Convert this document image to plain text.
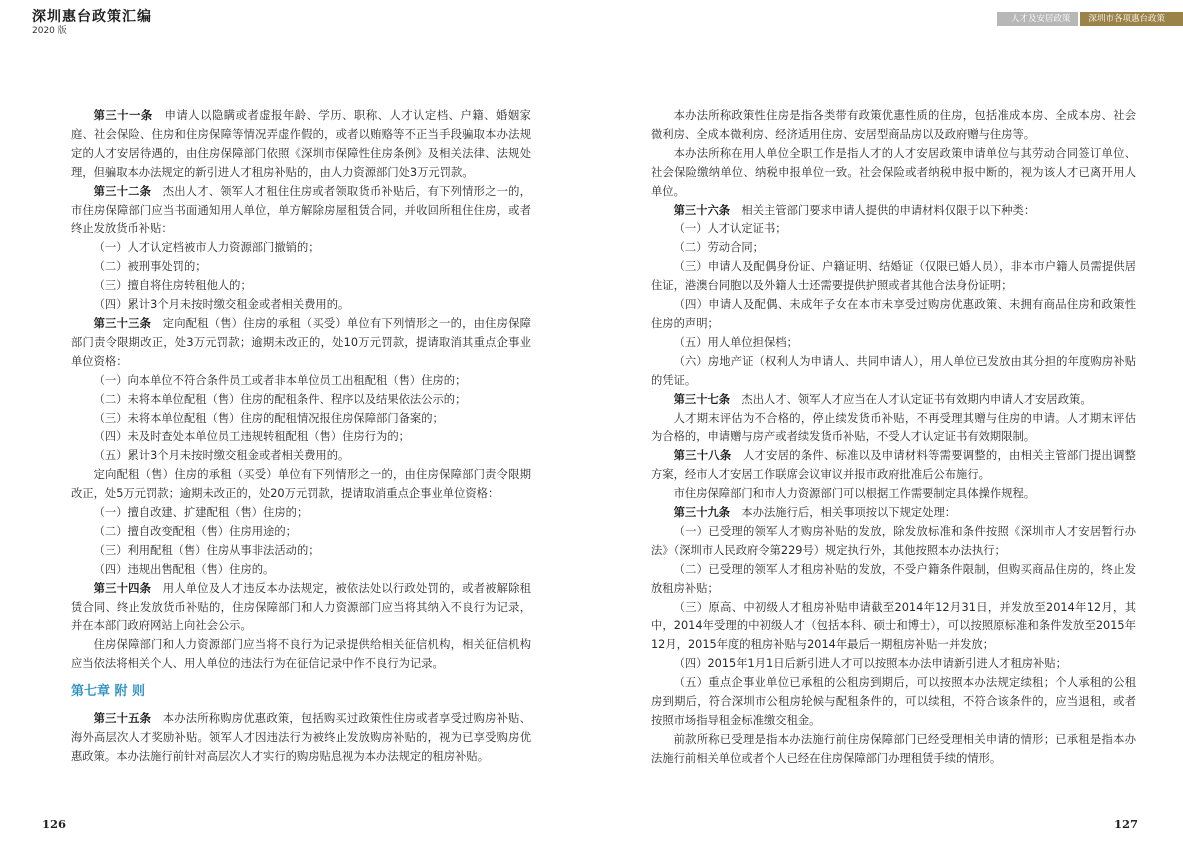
深圳惠台政策汇编
2020 版
人才及安居政策	深圳市各项惠台政策

第三十一条　 申请人以隐瞒或者虚报年龄、学历、职称、人才认定档、户籍、婚姻家庭、社会保险、住房和住房保障等情况弄虚作假的，或者以贿赂等不正当手段骗取本办法规定的人才安居待遇的，由住房保障部门依照《深圳市保障性住房条例》及相关法律、法规处理，但骗取本办法规定的新引进人才租房补贴的，由人力资源部门处3万元罚款。

第三十二条　 杰出人才、领军人才租住住房或者领取货币补贴后，有下列情形之一的，市住房保障部门应当书面通知用人单位，单方解除房屋租赁合同，并收回所租住住房，或者终止发放货币补贴：

（一）人才认定档被市人力资源部门撤销的；

（二）被刑事处罚的；

（三）擅自将住房转租他人的；

（四）累计3个月未按时缴交租金或者相关费用的。

第三十三条　 定向配租（售）住房的承租（买受）单位有下列情形之一的，由住房保障部门责令限期改正，处3万元罚款；逾期未改正的，处10万元罚款，提请取消其重点企事业单位资格：

（一）向本单位不符合条件员工或者非本单位员工出租配租（售）住房的；

（二）未将本单位配租（售）住房的配租条件、程序以及结果依法公示的；

（三）未将本单位配租（售）住房的配租情况报住房保障部门备案的；

（四）未及时查处本单位员工违规转租配租（售）住房行为的；

（五）累计3个月未按时缴交租金或者相关费用的。

定向配租（售）住房的承租（买受）单位有下列情形之一的，由住房保障部门责令限期改正，处5万元罚款；逾期未改正的，处20万元罚款，提请取消重点企事业单位资格：

（一）擅自改建、扩建配租（售）住房的；

（二）擅自改变配租（售）住房用途的；

（三）利用配租（售）住房从事非法活动的；

（四）违规出售配租（售）住房的。

第三十四条　 用人单位及人才违反本办法规定，被依法处以行政处罚的，或者被解除租赁合同、终止发放货币补贴的，住房保障部门和人力资源部门应当将其纳入不良行为记录，并在本部门政府网站上向社会公示。

住房保障部门和人力资源部门应当将不良行为记录提供给相关征信机构，相关征信机构应当依法将相关个人、用人单位的违法行为在征信记录中作不良行为记录。

第七章 附 则

第三十五条　 本办法所称购房优惠政策，包括购买过政策性住房或者享受过购房补贴、海外高层次人才奖励补贴。领军人才因违法行为被终止发放购房补贴的，视为已享受购房优惠政策。本办法施行前针对高层次人才实行的购房贴息视为本办法规定的租房补贴。

本办法所称政策性住房是指各类带有政策优惠性质的住房，包括准成本房、全成本房、社会微利房、全成本微利房、经济适用住房、安居型商品房以及政府赠与住房等。

本办法所称在用人单位全职工作是指人才的人才安居政策申请单位与其劳动合同签订单位、社会保险缴纳单位、纳税申报单位一致。社会保险或者纳税申报中断的，视为该人才已离开用人单位。

第三十六条　 相关主管部门要求申请人提供的申请材料仅限于以下种类：

（一）人才认定证书；

（二）劳动合同；

（三）申请人及配偶身份证、户籍证明、结婚证（仅限已婚人员），非本市户籍人员需提供居住证，港澳台同胞以及外籍人士还需要提供护照或者其他合法身份证明；

（四）申请人及配偶、未成年子女在本市未享受过购房优惠政策、未拥有商品住房和政策性住房的声明；

（五）用人单位担保档；

（六）房地产证（权利人为申请人、共同申请人），用人单位已发放由其分担的年度购房补贴的凭证。

第三十七条　 杰出人才、领军人才应当在人才认定证书有效期内申请人才安居政策。

人才期末评估为不合格的，停止续发货币补贴，不再受理其赠与住房的申请。人才期末评估为合格的，申请赠与房产或者续发货币补贴，不受人才认定证书有效期限制。

第三十八条　 人才安居的条件、标准以及申请材料等需要调整的，由相关主管部门提出调整方案，经市人才安居工作联席会议审议并报市政府批准后公布施行。

市住房保障部门和市人力资源部门可以根据工作需要制定具体操作规程。

第三十九条　 本办法施行后，相关事项按以下规定处理：

（一）已受理的领军人才购房补贴的发放，除发放标准和条件按照《深圳市人才安居暂行办法》（深圳市人民政府令第229号）规定执行外，其他按照本办法执行；

（二）已受理的领军人才租房补贴的发放，不受户籍条件限制，但购买商品住房的，终止发放租房补贴；

（三）原高、中初级人才租房补贴申请截至2014年12月31日，并发放至2014年12月，其中，2014年受理的中初级人才（包括本科、硕士和博士），可以按照原标准和条件发放至2015年12月，2015年度的租房补贴与2014年最后一期租房补贴一并发放；

（四）2015年1月1日后新引进人才可以按照本办法申请新引进人才租房补贴；

（五）重点企事业单位已承租的公租房到期后，可以按照本办法规定续租；个人承租的公租房到期后，符合深圳市公租房轮候与配租条件的，可以续租，不符合该条件的，应当退租，或者按照市场指导租金标准缴交租金。

前款所称已受理是指本办法施行前住房保障部门已经受理相关申请的情形；已承租是指本办法施行前相关单位或者个人已经在住房保障部门办理租赁手续的情形。

126	127
